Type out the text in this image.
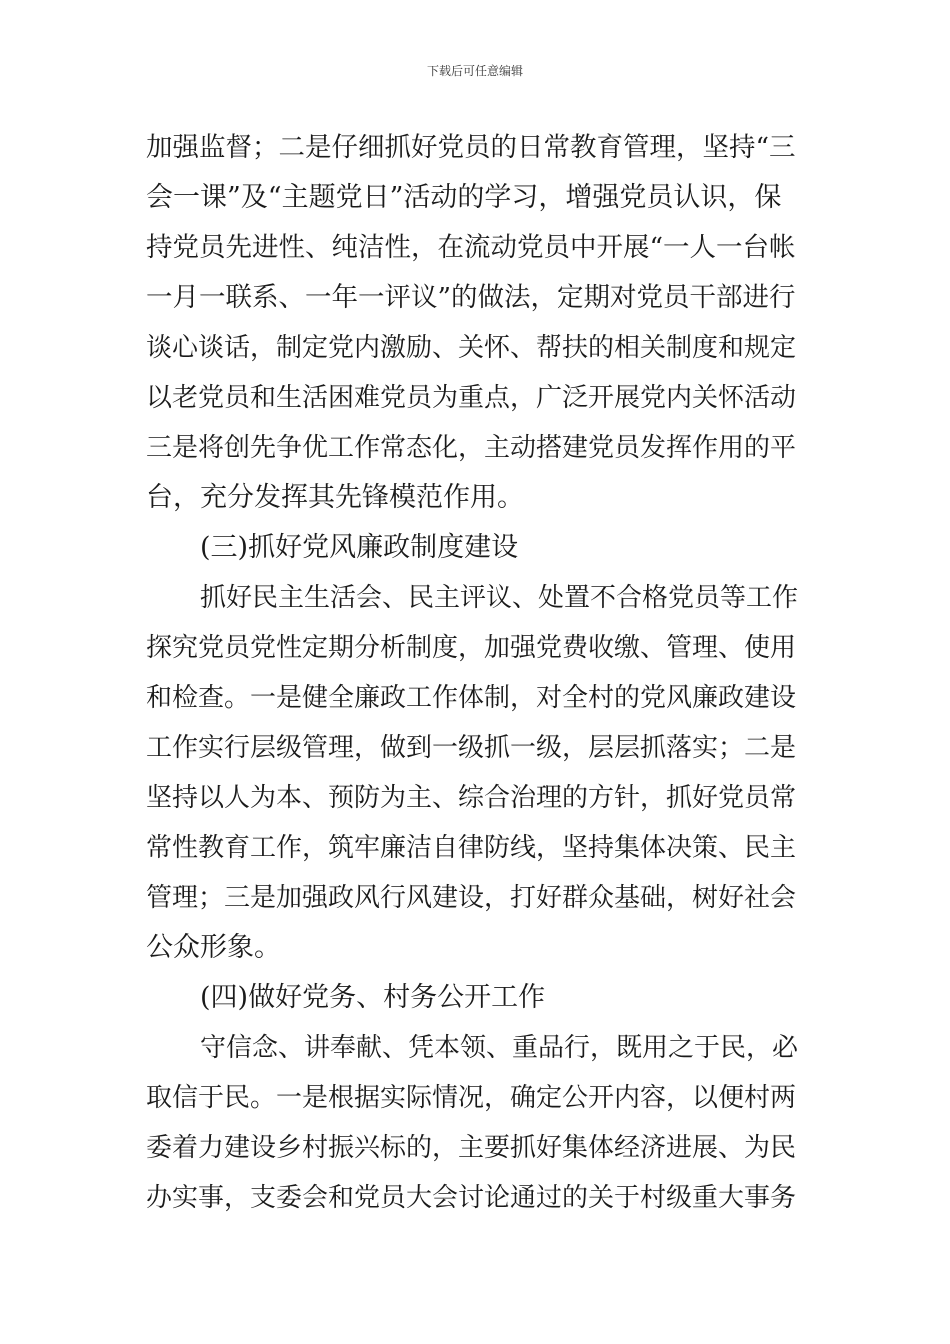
下载后可任意编辑
加强监督；二是仔细抓好党员的日常教育管理，坚持“三
会一课”及“主题党日”活动的学习，增强党员认识，保
持党员先进性、纯洁性，在流动党员中开展“一人一台帐
一月一联系、一年一评议”的做法，定期对党员干部进行
谈心谈话，制定党内激励、关怀、帮扶的相关制度和规定
以老党员和生活困难党员为重点，广泛开展党内关怀活动
三是将创先争优工作常态化，主动搭建党员发挥作用的平
台，充分发挥其先锋模范作用。
(三)抓好党风廉政制度建设
抓好民主生活会、民主评议、处置不合格党员等工作
探究党员党性定期分析制度，加强党费收缴、管理、使用
和检查。一是健全廉政工作体制，对全村的党风廉政建设
工作实行层级管理，做到一级抓一级，层层抓落实；二是
坚持以人为本、预防为主、综合治理的方针，抓好党员常
常性教育工作，筑牢廉洁自律防线，坚持集体决策、民主
管理；三是加强政风行风建设，打好群众基础，树好社会
公众形象。
(四)做好党务、村务公开工作
守信念、讲奉献、凭本领、重品行，既用之于民，必
取信于民。一是根据实际情况，确定公开内容，以便村两
委着力建设乡村振兴标的，主要抓好集体经济进展、为民
办实事，支委会和党员大会讨论通过的关于村级重大事务
